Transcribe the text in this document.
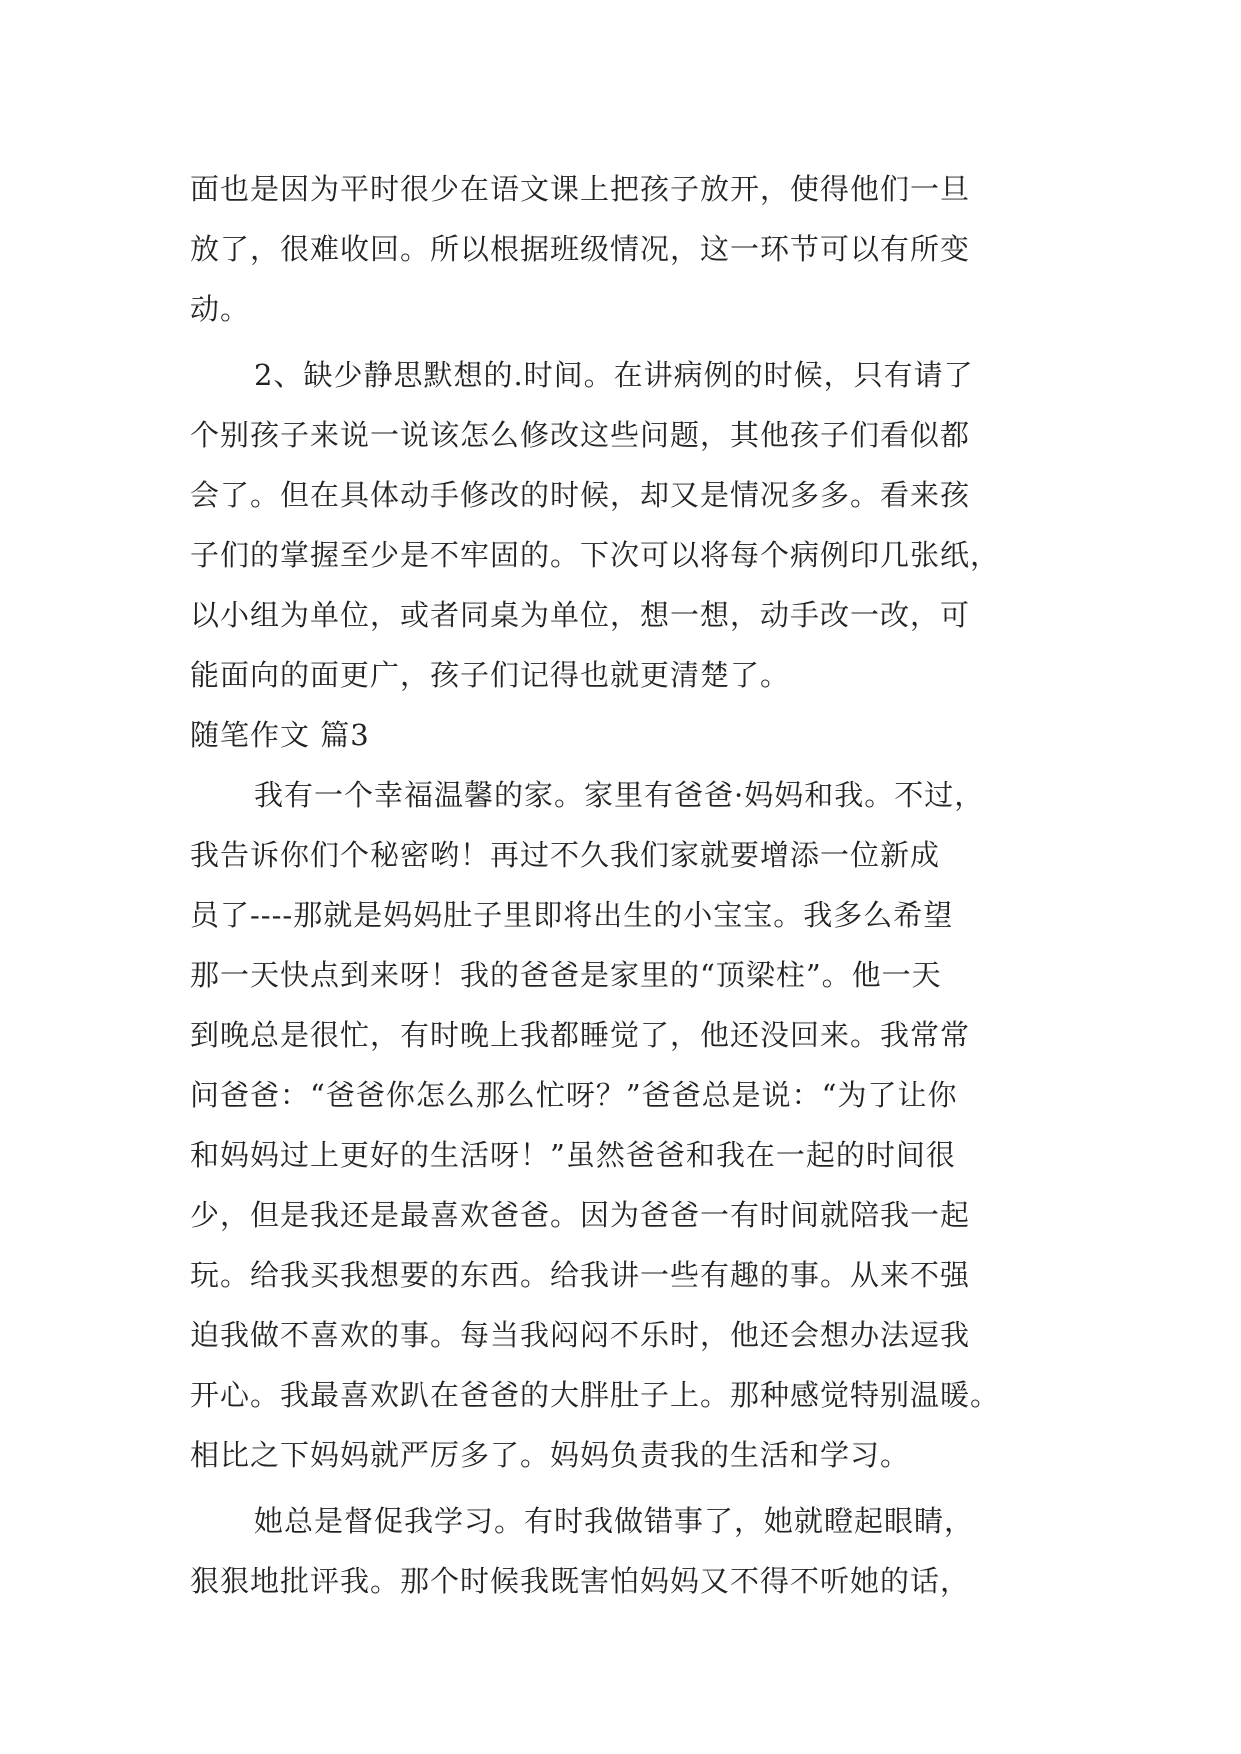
面也是因为平时很少在语文课上把孩子放开，使得他们一旦
放了，很难收回。所以根据班级情况，这一环节可以有所变
动。
2、缺少静思默想的.时间。在讲病例的时候，只有请了
个别孩子来说一说该怎么修改这些问题，其他孩子们看似都
会了。但在具体动手修改的时候，却又是情况多多。看来孩
子们的掌握至少是不牢固的。下次可以将每个病例印几张纸，
以小组为单位，或者同桌为单位，想一想，动手改一改，可
能面向的面更广，孩子们记得也就更清楚了。
随笔作文 篇3
我有一个幸福温馨的家。家里有爸爸·妈妈和我。不过，
我告诉你们个秘密哟！再过不久我们家就要增添一位新成
员了----那就是妈妈肚子里即将出生的小宝宝。我多么希望
那一天快点到来呀！我的爸爸是家里的“顶梁柱”。他一天
到晚总是很忙，有时晚上我都睡觉了，他还没回来。我常常
问爸爸：“爸爸你怎么那么忙呀？”爸爸总是说：“为了让你
和妈妈过上更好的生活呀！”虽然爸爸和我在一起的时间很
少，但是我还是最喜欢爸爸。因为爸爸一有时间就陪我一起
玩。给我买我想要的东西。给我讲一些有趣的事。从来不强
迫我做不喜欢的事。每当我闷闷不乐时，他还会想办法逗我
开心。我最喜欢趴在爸爸的大胖肚子上。那种感觉特别温暖。
相比之下妈妈就严厉多了。妈妈负责我的生活和学习。
她总是督促我学习。有时我做错事了，她就瞪起眼睛，
狠狠地批评我。那个时候我既害怕妈妈又不得不听她的话，
